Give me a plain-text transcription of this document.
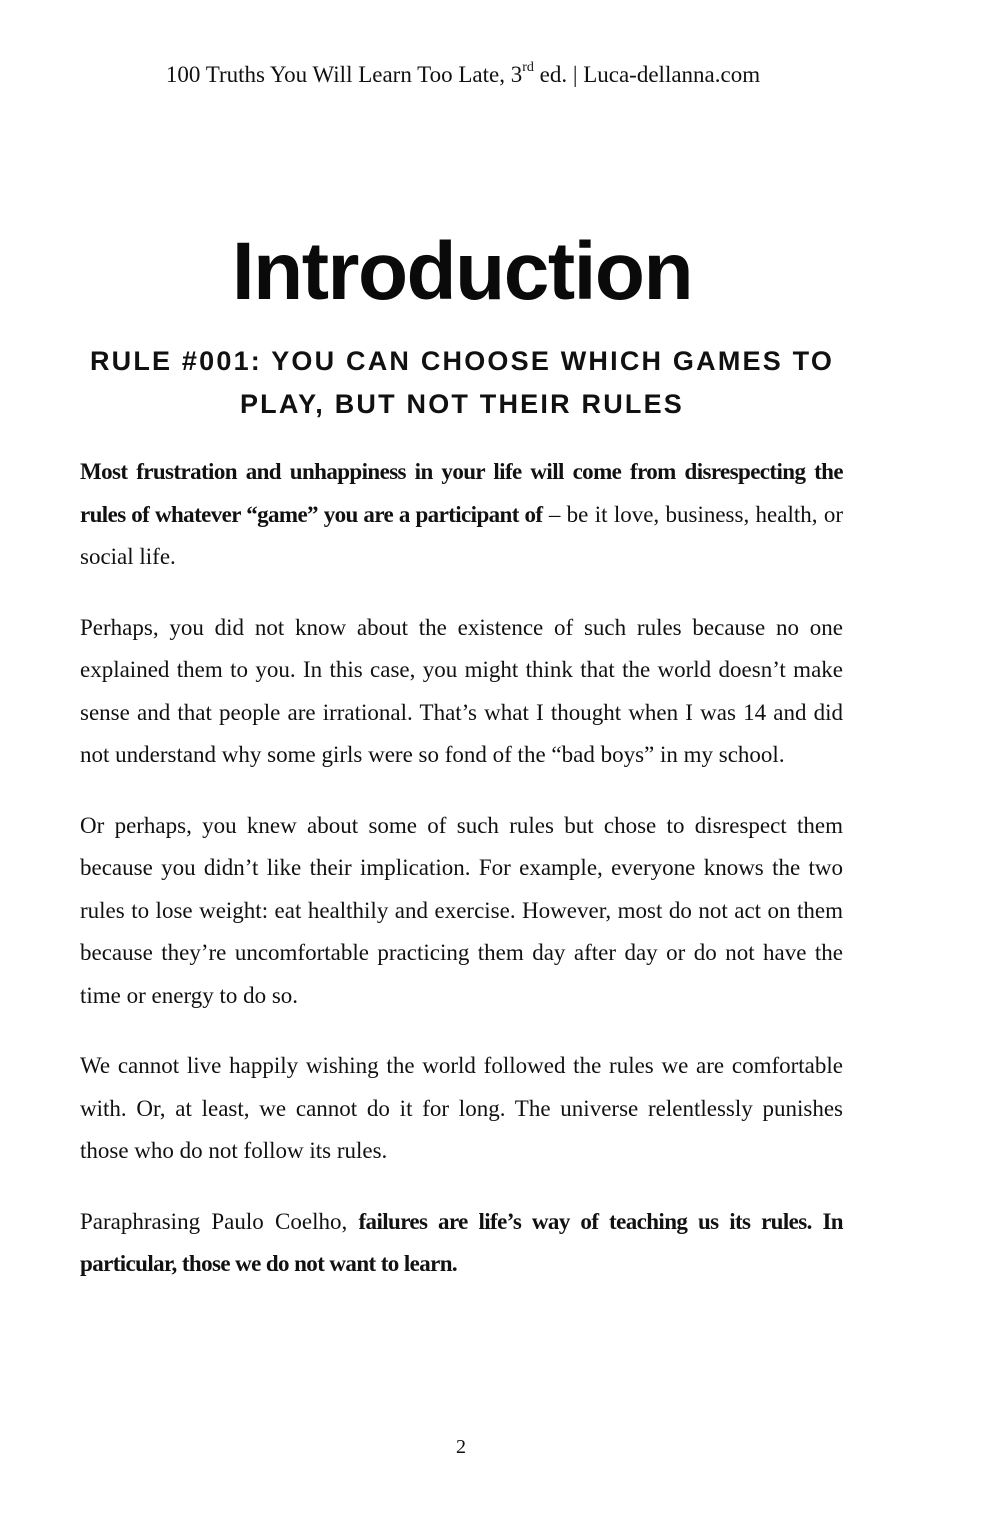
100 Truths You Will Learn Too Late, 3rd ed. | Luca-dellanna.com
Introduction
RULE #001: YOU CAN CHOOSE WHICH GAMES TO PLAY, BUT NOT THEIR RULES

Most frustration and unhappiness in your life will come from disrespecting the rules of whatever “game” you are a participant of – be it love, business, health, or social life.

Perhaps, you did not know about the existence of such rules because no one explained them to you. In this case, you might think that the world doesn’t make sense and that people are irrational. That’s what I thought when I was 14 and did not understand why some girls were so fond of the “bad boys” in my school.

Or perhaps, you knew about some of such rules but chose to disrespect them because you didn’t like their implication. For example, everyone knows the two rules to lose weight: eat healthily and exercise. However, most do not act on them because they’re uncomfortable practicing them day after day or do not have the time or energy to do so.

We cannot live happily wishing the world followed the rules we are comfortable with. Or, at least, we cannot do it for long. The universe relentlessly punishes those who do not follow its rules.

Paraphrasing Paulo Coelho, failures are life’s way of teaching us its rules. In particular, those we do not want to learn.

2
